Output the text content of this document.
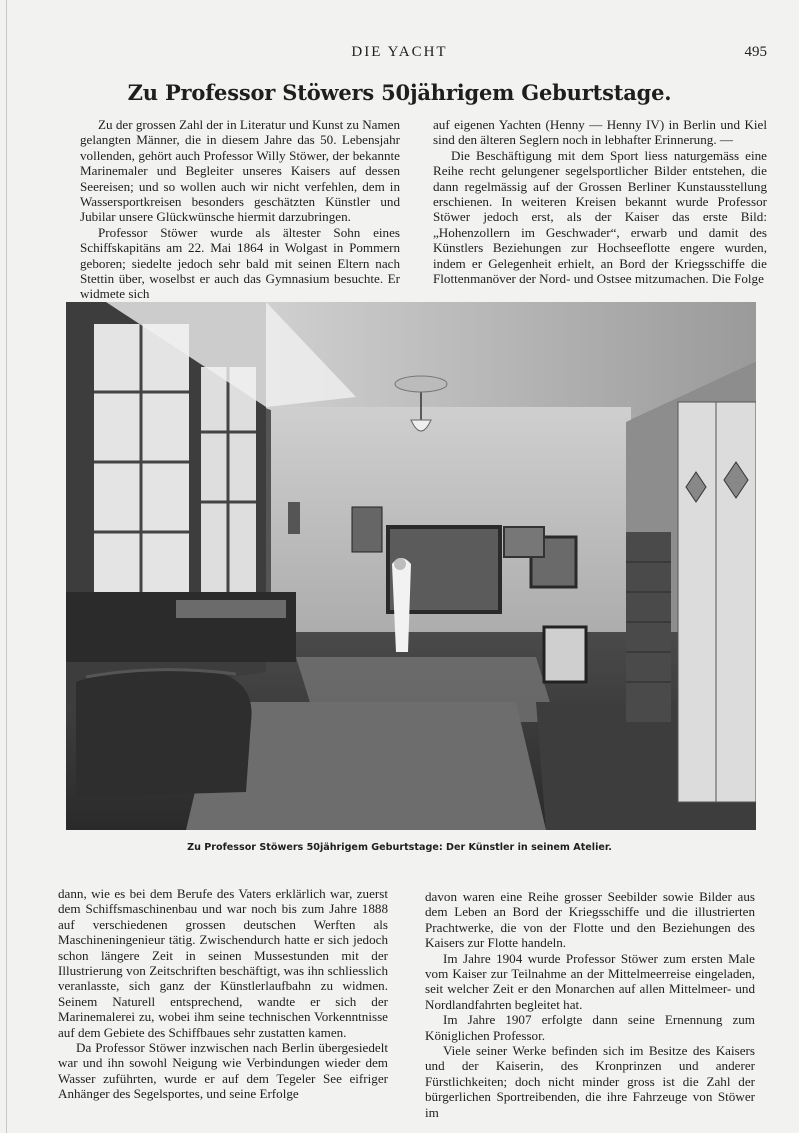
DIE YACHT	495
Zu Professor Stöwers 50jährigem Geburtstage.

Zu der grossen Zahl der in Literatur und Kunst zu Namen gelangten Männer, die in diesem Jahre das 50. Lebensjahr vollenden, gehört auch Professor Willy Stöwer, der bekannte Marinemaler und Begleiter unseres Kaisers auf dessen Seereisen; und so wollen auch wir nicht verfehlen, dem in Wassersportkreisen besonders geschätzten Künstler und Jubilar unsere Glückwünsche hiermit darzubringen.

Professor Stöwer wurde als ältester Sohn eines Schiffskapitäns am 22. Mai 1864 in Wolgast in Pommern geboren; siedelte jedoch sehr bald mit seinen Eltern nach Stettin über, woselbst er auch das Gymnasium besuchte. Er widmete sich

auf eigenen Yachten (Henny — Henny IV) in Berlin und Kiel sind den älteren Seglern noch in lebhafter Erinnerung. —

Die Beschäftigung mit dem Sport liess naturgemäss eine Reihe recht gelungener segelsportlicher Bilder entstehen, die dann regelmässig auf der Grossen Berliner Kunstausstellung erschienen. In weiteren Kreisen bekannt wurde Professor Stöwer jedoch erst, als der Kaiser das erste Bild: „Hohenzollern im Geschwader“, erwarb und damit des Künstlers Beziehungen zur Hochseeflotte engere wurden, indem er Gelegenheit erhielt, an Bord der Kriegsschiffe die Flottenmanöver der Nord- und Ostsee mitzumachen. Die Folge

Zu Professor Stöwers 50jährigem Geburtstage: Der Künstler in seinem Atelier.

dann, wie es bei dem Berufe des Vaters erklärlich war, zuerst dem Schiffsmaschinenbau und war noch bis zum Jahre 1888 auf verschiedenen grossen deutschen Werften als Maschineningenieur tätig. Zwischendurch hatte er sich jedoch schon längere Zeit in seinen Mussestunden mit der Illustrierung von Zeitschriften beschäftigt, was ihn schliesslich veranlasste, sich ganz der Künstlerlaufbahn zu widmen. Seinem Naturell entsprechend, wandte er sich der Marinemalerei zu, wobei ihm seine technischen Vorkenntnisse auf dem Gebiete des Schiffbaues sehr zustatten kamen.

Da Professor Stöwer inzwischen nach Berlin übergesiedelt war und ihn sowohl Neigung wie Verbindungen wieder dem Wasser zuführten, wurde er auf dem Tegeler See eifriger Anhänger des Segelsportes, und seine Erfolge

davon waren eine Reihe grosser Seebilder sowie Bilder aus dem Leben an Bord der Kriegsschiffe und die illustrierten Prachtwerke, die von der Flotte und den Beziehungen des Kaisers zur Flotte handeln.

Im Jahre 1904 wurde Professor Stöwer zum ersten Male vom Kaiser zur Teilnahme an der Mittelmeerreise eingeladen, seit welcher Zeit er den Monarchen auf allen Mittelmeer- und Nordlandfahrten begleitet hat.

Im Jahre 1907 erfolgte dann seine Ernennung zum Königlichen Professor.

Viele seiner Werke befinden sich im Besitze des Kaisers und der Kaiserin, des Kronprinzen und anderer Fürstlichkeiten; doch nicht minder gross ist die Zahl der bürgerlichen Sportreibenden, die ihre Fahrzeuge von Stöwer im
